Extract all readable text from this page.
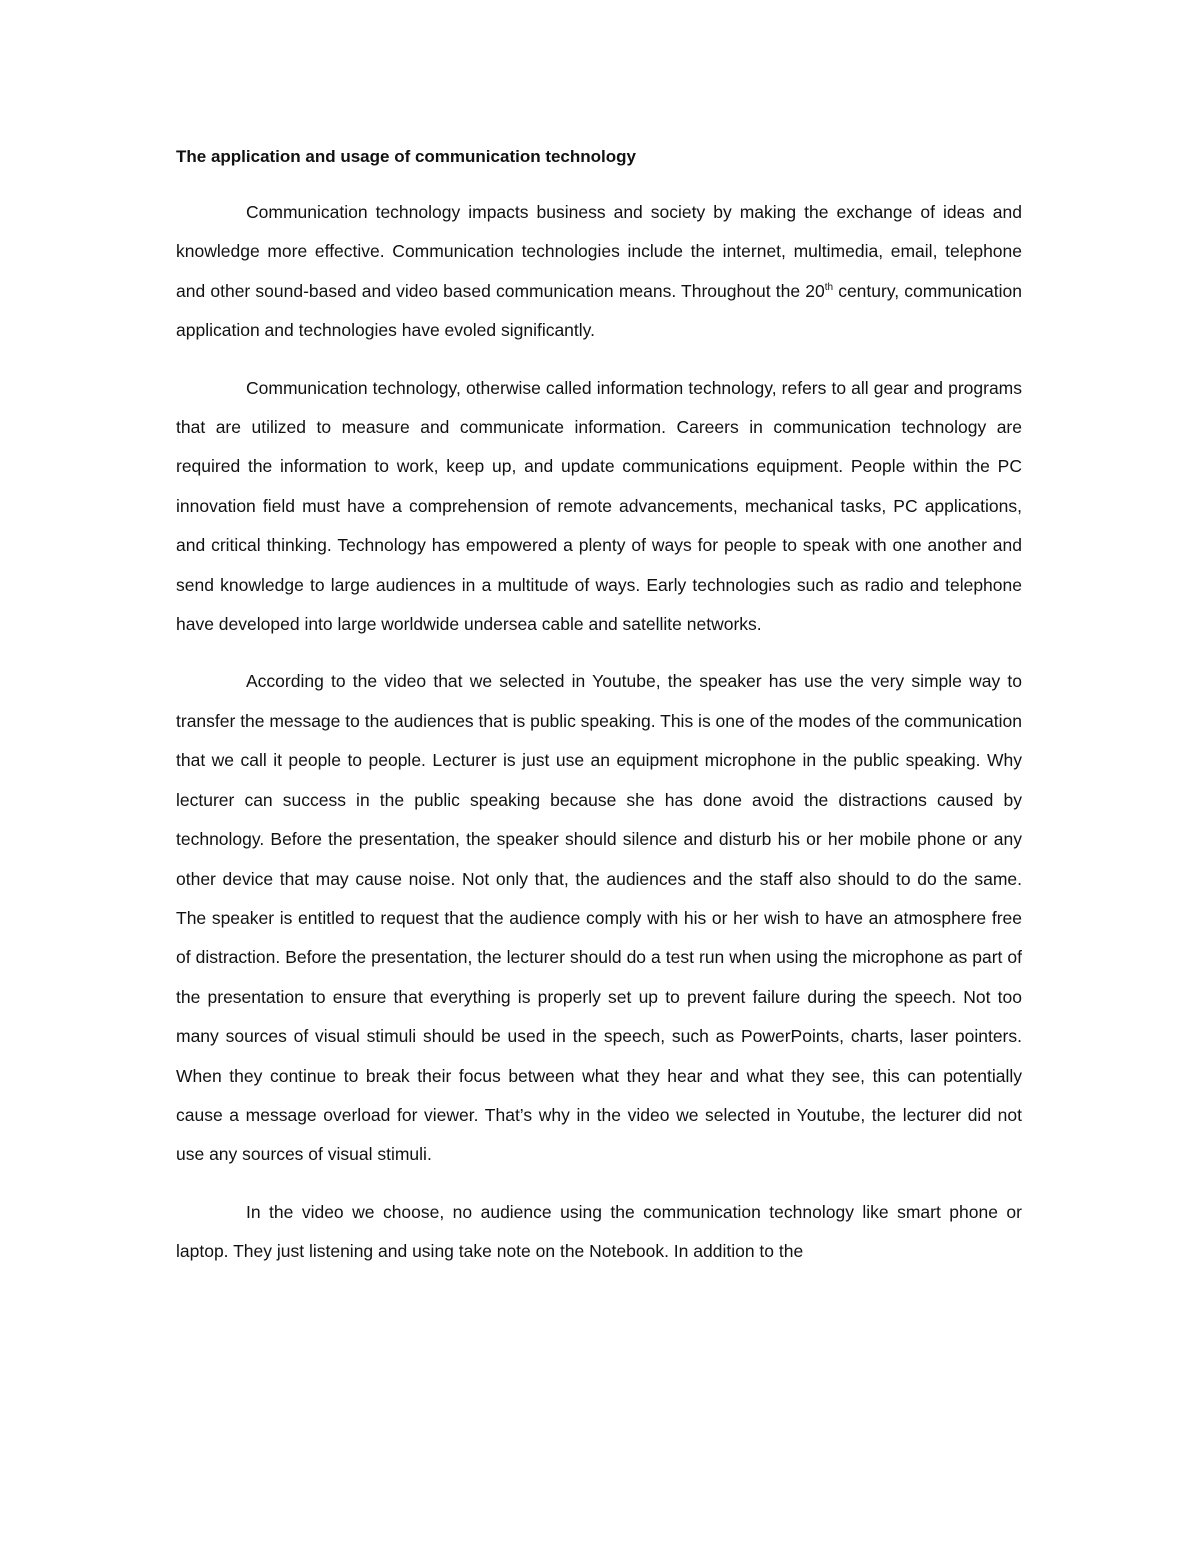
The application and usage of communication technology

Communication technology impacts business and society by making the exchange of ideas and knowledge more effective. Communication technologies include the internet, multimedia, email, telephone and other sound-based and video based communication means. Throughout the 20th century, communication application and technologies have evoled significantly.

Communication technology, otherwise called information technology, refers to all gear and programs that are utilized to measure and communicate information. Careers in communication technology are required the information to work, keep up, and update communications equipment. People within the PC innovation field must have a comprehension of remote advancements, mechanical tasks, PC applications, and critical thinking. Technology has empowered a plenty of ways for people to speak with one another and send knowledge to large audiences in a multitude of ways. Early technologies such as radio and telephone have developed into large worldwide undersea cable and satellite networks.

According to the video that we selected in Youtube, the speaker has use the very simple way to transfer the message to the audiences that is public speaking. This is one of the modes of the communication that we call it people to people. Lecturer is just use an equipment microphone in the public speaking. Why lecturer can success in the public speaking because she has done avoid the distractions caused by technology. Before the presentation, the speaker should silence and disturb his or her mobile phone or any other device that may cause noise. Not only that, the audiences and the staff also should to do the same. The speaker is entitled to request that the audience comply with his or her wish to have an atmosphere free of distraction. Before the presentation, the lecturer should do a test run when using the microphone as part of the presentation to ensure that everything is properly set up to prevent failure during the speech. Not too many sources of visual stimuli should be used in the speech, such as PowerPoints, charts, laser pointers. When they continue to break their focus between what they hear and what they see, this can potentially cause a message overload for viewer. That’s why in the video we selected in Youtube, the lecturer did not use any sources of visual stimuli.

In the video we choose, no audience using the communication technology like smart phone or laptop. They just listening and using take note on the Notebook. In addition to the
